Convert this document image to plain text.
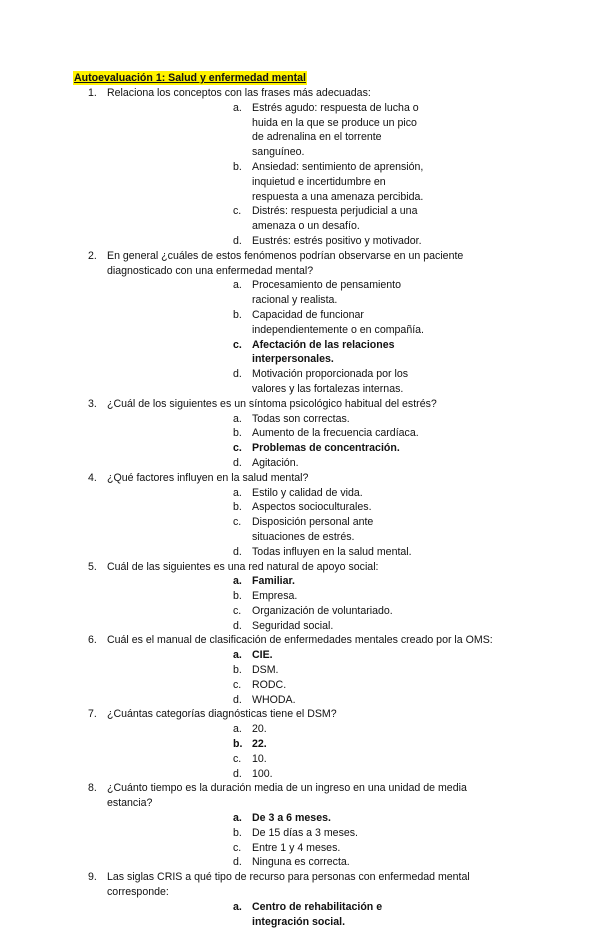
Autoevaluación 1: Salud y enfermedad mental
1. Relaciona los conceptos con las frases más adecuadas:
a. Estrés agudo: respuesta de lucha o huida en la que se produce un pico de adrenalina en el torrente sanguíneo.
b. Ansiedad: sentimiento de aprensión, inquietud e incertidumbre en respuesta a una amenaza percibida.
c. Distrés: respuesta perjudicial a una amenaza o un desafío.
d. Eustrés: estrés positivo y motivador.
2. En general ¿cuáles de estos fenómenos podrían observarse en un paciente diagnosticado con una enfermedad mental?
a. Procesamiento de pensamiento racional y realista.
b. Capacidad de funcionar independientemente o en compañía.
c. Afectación de las relaciones interpersonales.
d. Motivación proporcionada por los valores y las fortalezas internas.
3. ¿Cuál de los siguientes es un síntoma psicológico habitual del estrés?
a. Todas son correctas.
b. Aumento de la frecuencia cardíaca.
c. Problemas de concentración.
d. Agitación.
4. ¿Qué factores influyen en la salud mental?
a. Estilo y calidad de vida.
b. Aspectos socioculturales.
c. Disposición personal ante situaciones de estrés.
d. Todas influyen en la salud mental.
5. Cuál de las siguientes es una red natural de apoyo social:
a. Familiar.
b. Empresa.
c. Organización de voluntariado.
d. Seguridad social.
6. Cuál es el manual de clasificación de enfermedades mentales creado por la OMS:
a. CIE.
b. DSM.
c. RODC.
d. WHODA.
7. ¿Cuántas categorías diagnósticas tiene el DSM?
a. 20.
b. 22.
c. 10.
d. 100.
8. ¿Cuánto tiempo es la duración media de un ingreso en una unidad de media estancia?
a. De 3 a 6 meses.
b. De 15 días a 3 meses.
c. Entre 1 y 4 meses.
d. Ninguna es correcta.
9. Las siglas CRIS a qué tipo de recurso para personas con enfermedad mental corresponde:
a. Centro de rehabilitación e integración social.
